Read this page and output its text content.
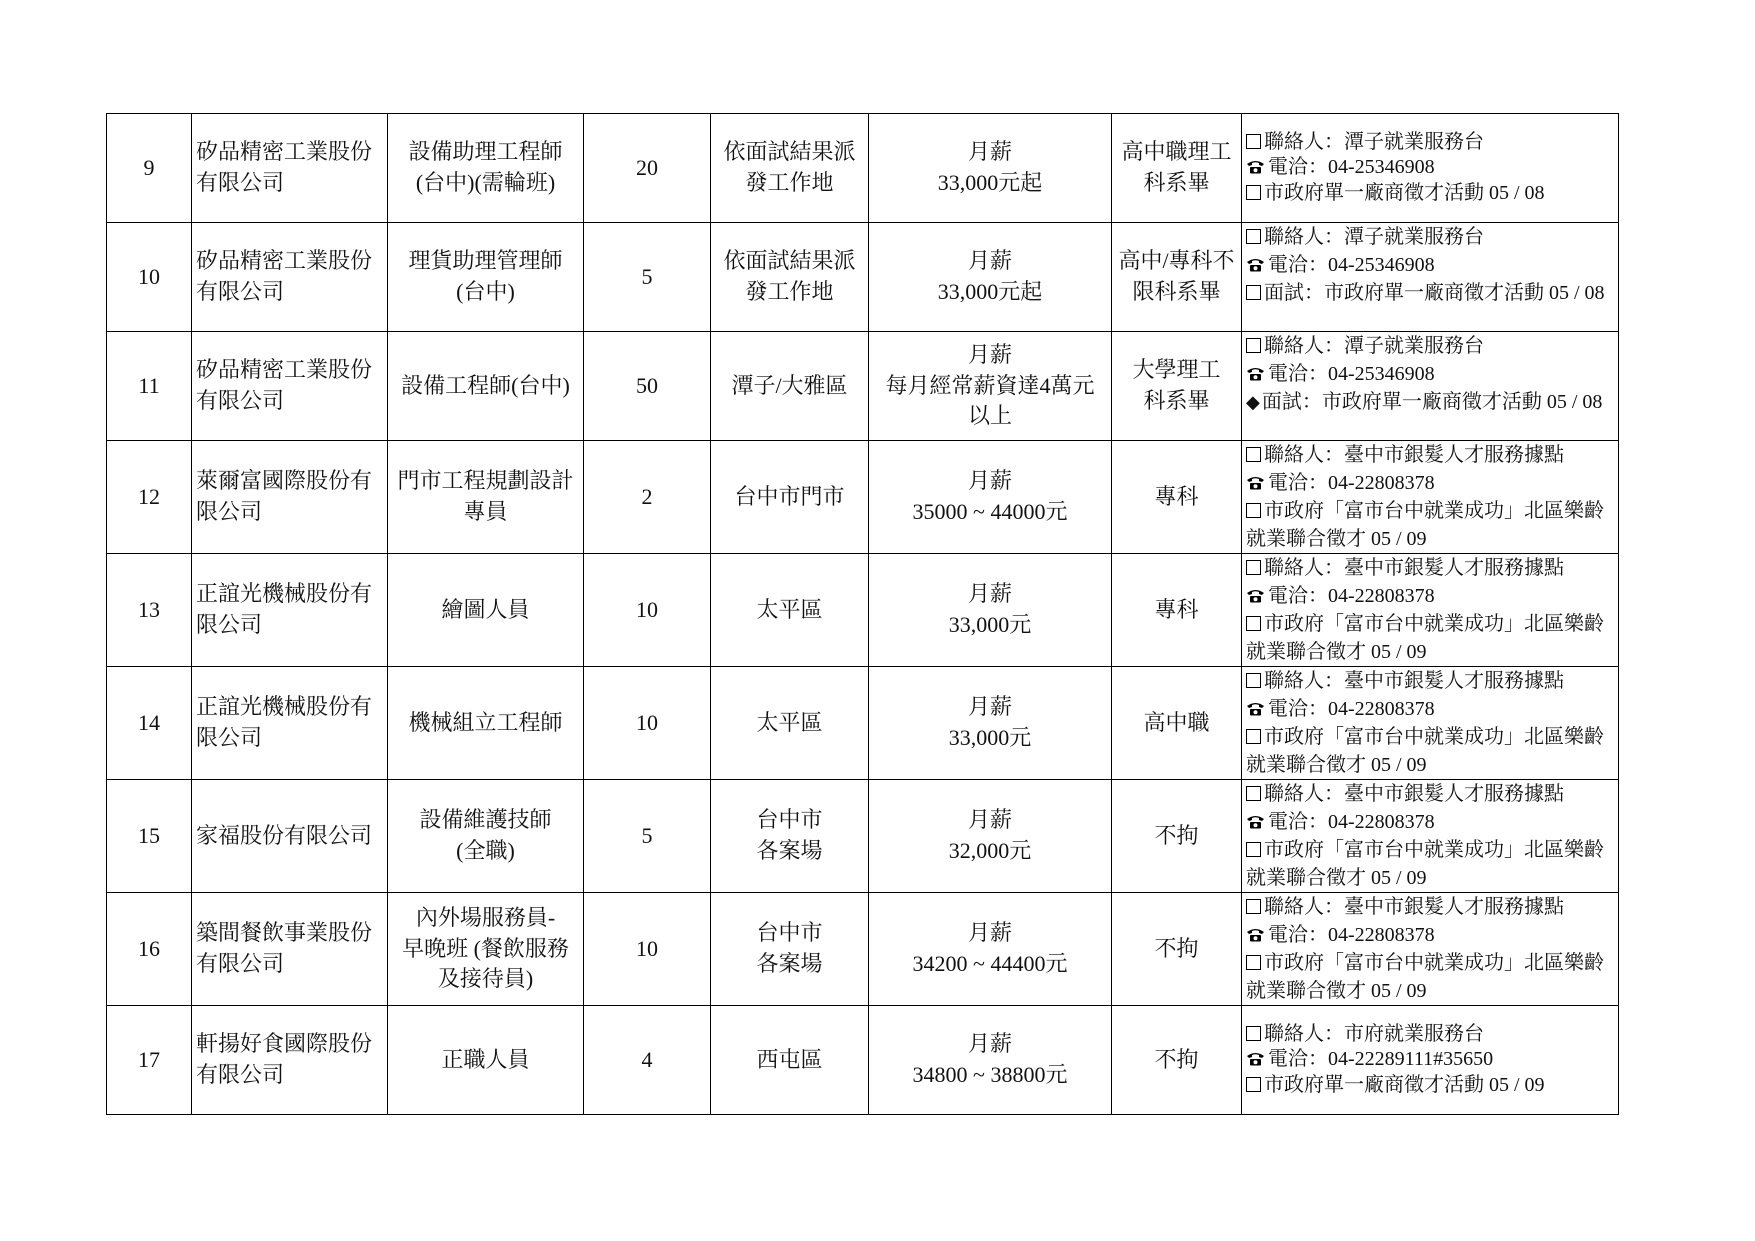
9	矽品精密工業股份有限公司	設備助理工程師
(台中)(需輪班)	20	依面試結果派
發工作地	月薪
33,000元起	高中職理工
科系畢	聯絡人：潭子就業服務台
電洽：04-25346908
市政府單一廠商徵才活動 05 / 08

10	矽品精密工業股份有限公司	理貨助理管理師
(台中)	5	依面試結果派
發工作地	月薪
33,000元起	高中/專科不
限科系畢	聯絡人：潭子就業服務台
電洽：04-25346908
面試：市政府單一廠商徵才活動 05 / 08

11	矽品精密工業股份有限公司	設備工程師(台中)	50	潭子/大雅區	月薪
每月經常薪資達4萬元
以上	大學理工
科系畢	聯絡人：潭子就業服務台
電洽：04-25346908
◆ 面試：市政府單一廠商徵才活動 05 / 08

12	萊爾富國際股份有限公司	門市工程規劃設計
專員	2	台中市門市	月薪
35000 ~ 44000元	專科	聯絡人：臺中市銀髮人才服務據點
電洽：04-22808378
市政府「富市台中就業成功」北區樂齡就業聯合徵才 05 / 09

13	正誼光機械股份有限公司	繪圖人員	10	太平區	月薪
33,000元	專科	聯絡人：臺中市銀髮人才服務據點
電洽：04-22808378
市政府「富市台中就業成功」北區樂齡就業聯合徵才 05 / 09

14	正誼光機械股份有限公司	機械組立工程師	10	太平區	月薪
33,000元	高中職	聯絡人：臺中市銀髮人才服務據點
電洽：04-22808378
市政府「富市台中就業成功」北區樂齡就業聯合徵才 05 / 09

15	家福股份有限公司	設備維護技師
(全職)	5	台中市
各案場	月薪
32,000元	不拘	聯絡人：臺中市銀髮人才服務據點
電洽：04-22808378
市政府「富市台中就業成功」北區樂齡就業聯合徵才 05 / 09

16	築間餐飲事業股份有限公司	內外場服務員-
早晚班 (餐飲服務
及接待員)	10	台中市
各案場	月薪
34200 ~ 44400元	不拘	聯絡人：臺中市銀髮人才服務據點
電洽：04-22808378
市政府「富市台中就業成功」北區樂齡就業聯合徵才 05 / 09

17	軒揚好食國際股份有限公司	正職人員	4	西屯區	月薪
34800 ~ 38800元	不拘	聯絡人：市府就業服務台
電洽：04-22289111#35650
市政府單一廠商徵才活動 05 / 09
